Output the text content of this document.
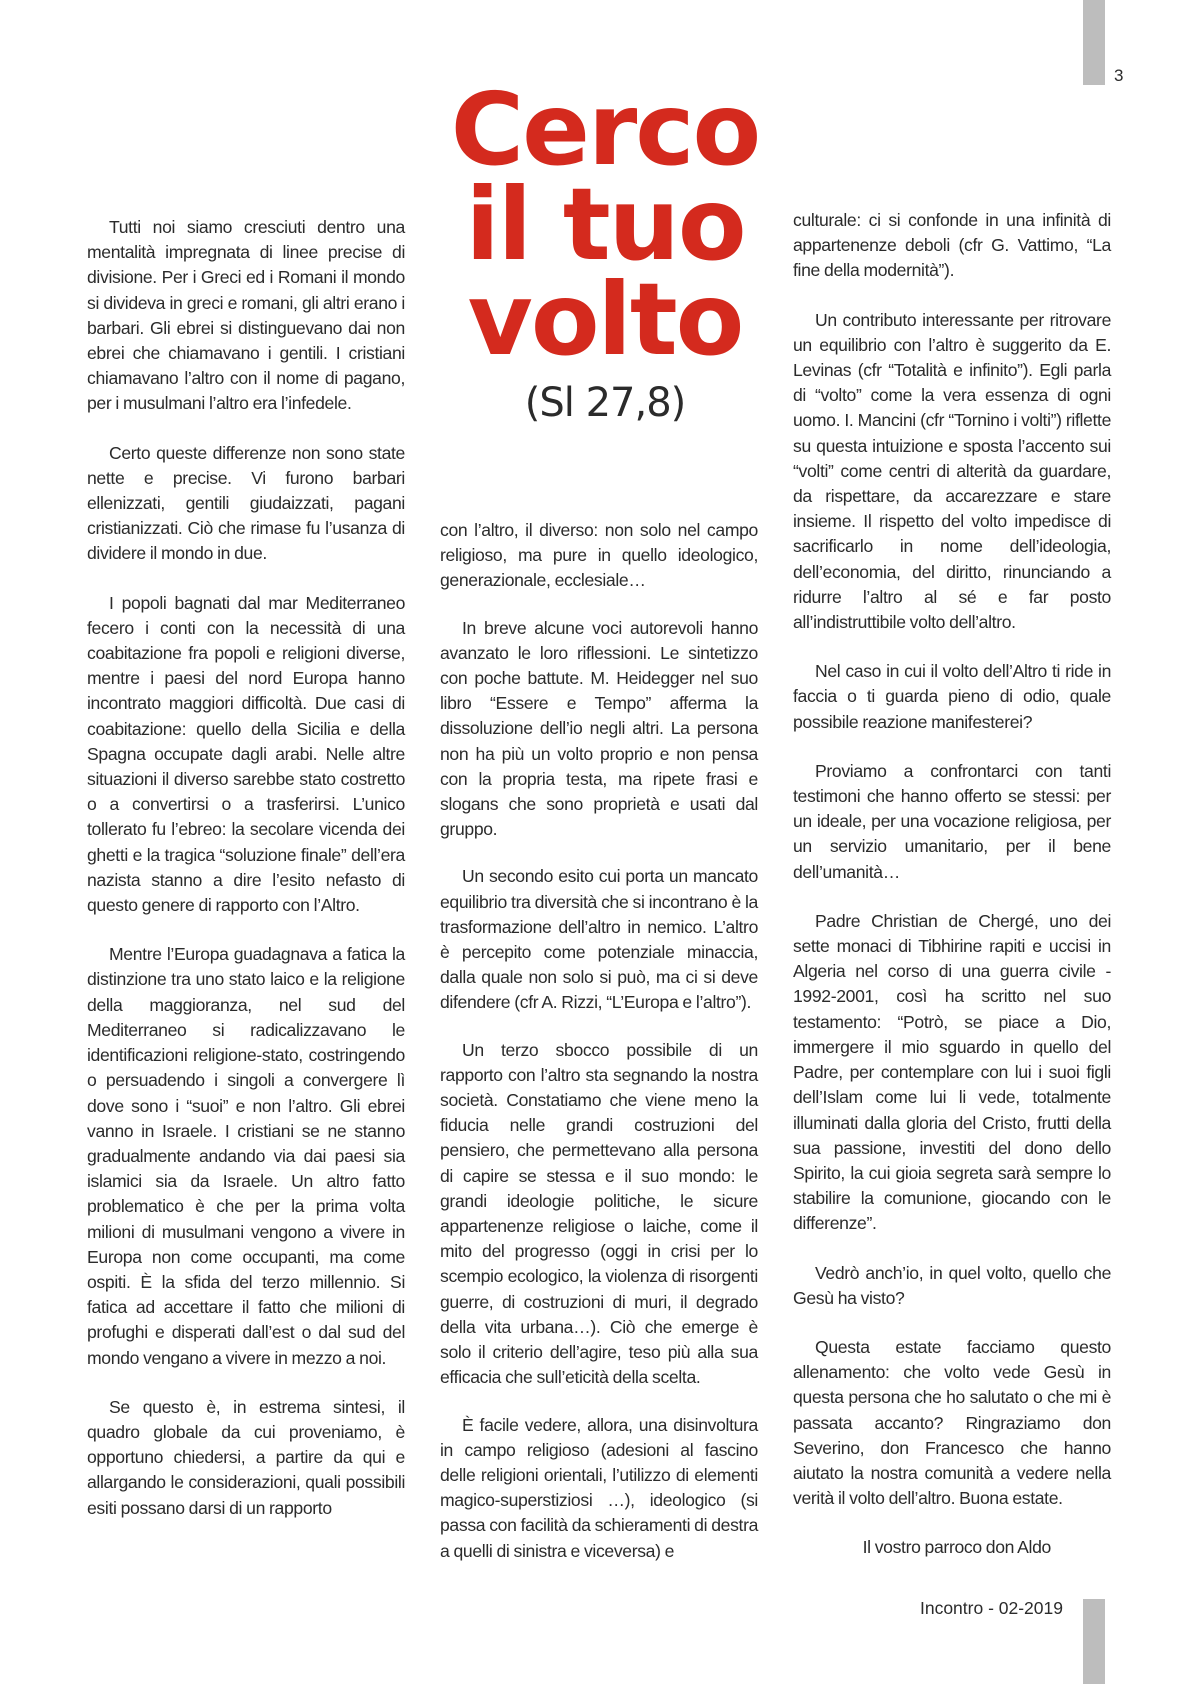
3
Cerco
il tuo
volto
(Sl 27,8)

Tutti noi siamo cresciuti dentro una mentalità impregnata di linee precise di divisione. Per i Greci ed i Romani il mondo si divideva in greci e romani, gli altri erano i barbari. Gli ebrei si distinguevano dai non ebrei che chiamavano i gentili. I cristiani chiamavano l’altro con il nome di pagano, per i musulmani l’altro era l’infedele.

Certo queste differenze non sono state nette e precise. Vi furono barbari ellenizzati, gentili giudaizzati, pagani cristianizzati. Ciò che rimase fu l’usanza di dividere il mondo in due.

I popoli bagnati dal mar Mediterraneo fecero i conti con la necessità di una coabitazione fra popoli e religioni diverse, mentre i paesi del nord Europa hanno incontrato maggiori difficoltà. Due casi di coabitazione: quello della Sicilia e della Spagna occupate dagli arabi. Nelle altre situazioni il diverso sarebbe stato costretto o a convertirsi o a trasferirsi. L’unico tollerato fu l’ebreo: la secolare vicenda dei ghetti e la tragica “soluzione finale” dell’era nazista stanno a dire l’esito nefasto di questo genere di rapporto con l’Altro.

Mentre l’Europa guadagnava a fatica la distinzione tra uno stato laico e la religione della maggioranza, nel sud del Mediterraneo si radicalizzavano le identificazioni religione-stato, costringendo o persuadendo i singoli a convergere lì dove sono i “suoi” e non l’altro. Gli ebrei vanno in Israele. I cristiani se ne stanno gradualmente andando via dai paesi sia islamici sia da Israele. Un altro fatto problematico è che per la prima volta milioni di musulmani vengono a vivere in Europa non come occupanti, ma come ospiti. È la sfida del terzo millennio. Si fatica ad accettare il fatto che milioni di profughi e disperati dall’est o dal sud del mondo vengano a vivere in mezzo a noi.

Se questo è, in estrema sintesi, il quadro globale da cui proveniamo, è opportuno chiedersi, a partire da qui e allargando le considerazioni, quali possibili esiti possano darsi di un rapporto

con l’altro, il diverso: non solo nel campo religioso, ma pure in quello ideologico, generazionale, ecclesiale…

In breve alcune voci autorevoli hanno avanzato le loro riflessioni. Le sintetizzo con poche battute. M. Heidegger nel suo libro “Essere e Tempo” afferma la dissoluzione dell’io negli altri. La persona non ha più un volto proprio e non pensa con la propria testa, ma ripete frasi e slogans che sono proprietà e usati dal gruppo.

Un secondo esito cui porta un mancato equilibrio tra diversità che si incontrano è la trasformazione dell’altro in nemico. L’altro è percepito come potenziale minaccia, dalla quale non solo si può, ma ci si deve difendere (cfr A. Rizzi, “L’Europa e l’altro”).

Un terzo sbocco possibile di un rapporto con l’altro sta segnando la nostra società. Constatiamo che viene meno la fiducia nelle grandi costruzioni del pensiero, che permettevano alla persona di capire se stessa e il suo mondo: le grandi ideologie politiche, le sicure appartenenze religiose o laiche, come il mito del progresso (oggi in crisi per lo scempio ecologico, la violenza di risorgenti guerre, di costruzioni di muri, il degrado della vita urbana…). Ciò che emerge è solo il criterio dell’agire, teso più alla sua efficacia che sull’eticità della scelta.

È facile vedere, allora, una disinvoltura in campo religioso (adesioni al fascino delle religioni orientali, l’utilizzo di elementi magico-superstiziosi …), ideologico (si passa con facilità da schieramenti di destra a quelli di sinistra e viceversa) e

culturale: ci si confonde in una infinità di appartenenze deboli (cfr G. Vattimo, “La fine della modernità”).

Un contributo interessante per ritrovare un equilibrio con l’altro è suggerito da E. Levinas (cfr “Totalità e infinito”). Egli parla di “volto” come la vera essenza di ogni uomo. I. Mancini (cfr “Tornino i volti”) riflette su questa intuizione e sposta l’accento sui “volti” come centri di alterità da guardare, da rispettare, da accarezzare e stare insieme. Il rispetto del volto impedisce di sacrificarlo in nome dell’ideologia, dell’economia, del diritto, rinunciando a ridurre l’altro al sé e far posto all’indistruttibile volto dell’altro.

Nel caso in cui il volto dell’Altro ti ride in faccia o ti guarda pieno di odio, quale possibile reazione manifesterei?

Proviamo a confrontarci con tanti testimoni che hanno offerto se stessi: per un ideale, per una vocazione religiosa, per un servizio umanitario, per il bene dell’umanità…

Padre Christian de Chergé, uno dei sette monaci di Tibhirine rapiti e uccisi in Algeria nel corso di una guerra civile - 1992-2001, così ha scritto nel suo testamento: “Potrò, se piace a Dio, immergere il mio sguardo in quello del Padre, per contemplare con lui i suoi figli dell’Islam come lui li vede, totalmente illuminati dalla gloria del Cristo, frutti della sua passione, investiti del dono dello Spirito, la cui gioia segreta sarà sempre lo stabilire la comunione, giocando con le differenze”.

Vedrò anch’io, in quel volto, quello che Gesù ha visto?

Questa estate facciamo questo allenamento: che volto vede Gesù in questa persona che ho salutato o che mi è passata accanto? Ringraziamo don Severino, don Francesco che hanno aiutato la nostra comunità a vedere nella verità il volto dell’altro. Buona estate.

Il vostro parroco don Aldo
Incontro - 02-2019
